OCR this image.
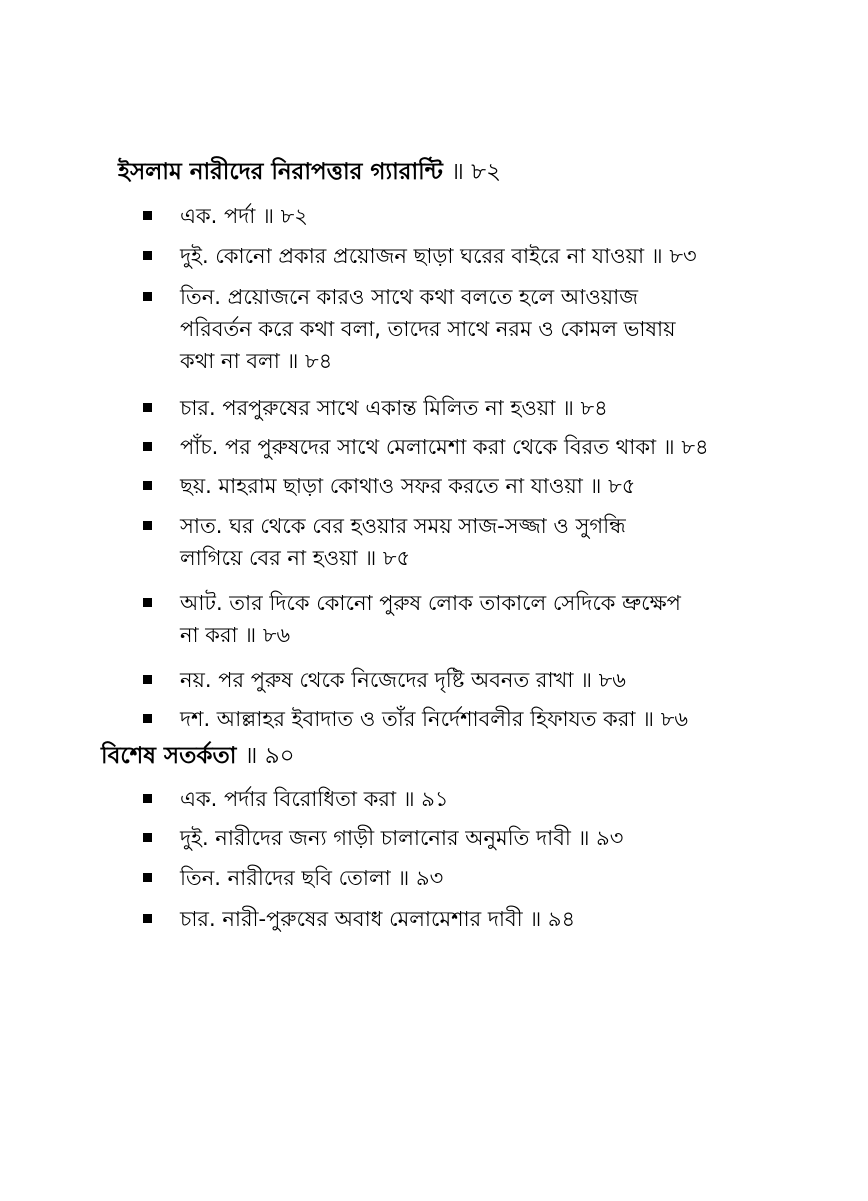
ইসলাম নারীদের নিরাপত্তার গ্যারান্টি ॥ ৮২
এক. পর্দা ॥ ৮২
দুই. কোনো প্রকার প্রয়োজন ছাড়া ঘরের বাইরে না যাওয়া ॥ ৮৩
তিন. প্রয়োজনে কারও সাথে কথা বলতে হলে আওয়াজ
পরিবর্তন করে কথা বলা, তাদের সাথে নরম ও কোমল ভাষায়
কথা না বলা ॥ ৮৪
চার. পরপুরুষের সাথে একান্ত মিলিত না হওয়া ॥ ৮৪
পাঁচ. পর পুরুষদের সাথে মেলামেশা করা থেকে বিরত থাকা ॥ ৮৪
ছয়. মাহরাম ছাড়া কোথাও সফর করতে না যাওয়া ॥ ৮৫
সাত. ঘর থেকে বের হওয়ার সময় সাজ-সজ্জা ও সুগন্ধি
লাগিয়ে বের না হওয়া ॥ ৮৫
আট. তার দিকে কোনো পুরুষ লোক তাকালে সেদিকে ভ্রুক্ষেপ
না করা ॥ ৮৬
নয়. পর পুরুষ থেকে নিজেদের দৃষ্টি অবনত রাখা ॥ ৮৬
দশ. আল্লাহর ইবাদাত ও তাঁর নির্দেশাবলীর হিফাযত করা ॥ ৮৬
বিশেষ সতর্কতা ॥ ৯০
এক. পর্দার বিরোধিতা করা ॥ ৯১
দুই. নারীদের জন্য গাড়ী চালানোর অনুমতি দাবী ॥ ৯৩
তিন. নারীদের ছবি তোলা ॥ ৯৩
চার. নারী-পুরুষের অবাধ মেলামেশার দাবী ॥ ৯৪
